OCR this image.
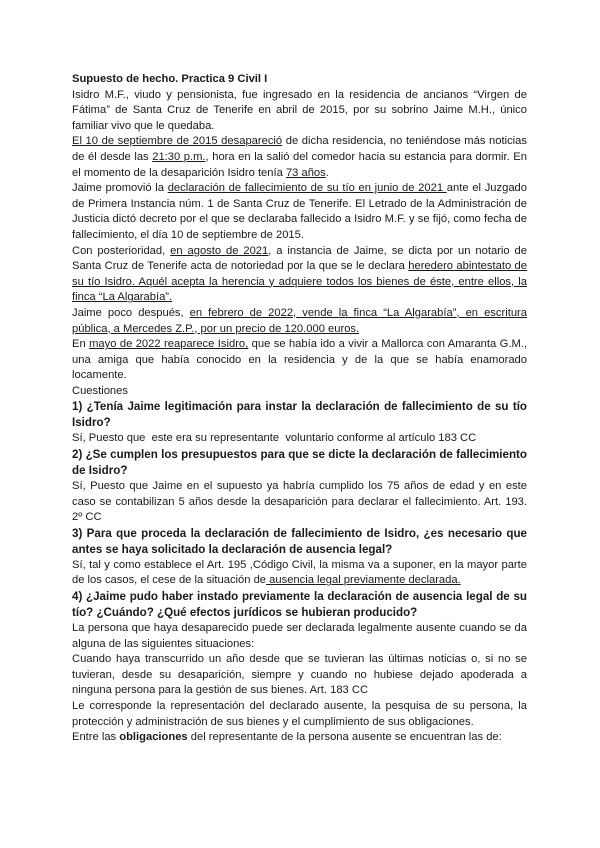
Supuesto de hecho. Practica 9 Civil I

Isidro M.F., viudo y pensionista, fue ingresado en la residencia de ancianos “Virgen de Fátima” de Santa Cruz de Tenerife en abril de 2015, por su sobrino Jaime M.H., único familiar vivo que le quedaba.

El 10 de septiembre de 2015 desapareció de dicha residencia, no teniéndose más noticias de él desde las 21:30 p.m., hora en la salió del comedor hacia su estancia para dormir. En el momento de la desaparición Isidro tenía 73 años.

Jaime promovió la declaración de fallecimiento de su tío en junio de 2021 ante el Juzgado de Primera Instancia núm. 1 de Santa Cruz de Tenerife. El Letrado de la Administración de Justicia dictó decreto por el que se declaraba fallecido a Isidro M.F. y se fijó, como fecha de fallecimiento, el día 10 de septiembre de 2015.

Con posterioridad, en agosto de 2021, a instancia de Jaime, se dicta por un notario de Santa Cruz de Tenerife acta de notoriedad por la que se le declara heredero abintestato de su tío Isidro. Aquél acepta la herencia y adquiere todos los bienes de éste, entre ellos, la finca “La Algarabía”.

Jaime poco después, en febrero de 2022, vende la finca “La Algarabía”, en escritura pública, a Mercedes Z.P., por un precio de 120.000 euros.

En mayo de 2022 reaparece Isidro, que se había ido a vivir a Mallorca con Amaranta G.M., una amiga que había conocido en la residencia y de la que se había enamorado locamente.

Cuestiones

1) ¿Tenía Jaime legitimación para instar la declaración de fallecimiento de su tío Isidro?

Sí, Puesto que  este era su representante  voluntario conforme al artículo 183 CC

2) ¿Se cumplen los presupuestos para que se dicte la declaración de fallecimiento de Isidro?

Sí, Puesto que Jaime en el supuesto ya habría cumplido los 75 años de edad y en este caso se contabilizan 5 años desde la desaparición para declarar el fallecimiento. Art. 193. 2º CC

3) Para que proceda la declaración de fallecimiento de Isidro, ¿es necesario que antes se haya solicitado la declaración de ausencia legal?

Sí, tal y como establece el Art. 195 ,Código Civil, la misma va a suponer, en la mayor parte de los casos, el cese de la situación de ausencia legal previamente declarada.

4) ¿Jaime pudo haber instado previamente la declaración de ausencia legal de su tío? ¿Cuándo? ¿Qué efectos jurídicos se hubieran producido?

La persona que haya desaparecido puede ser declarada legalmente ausente cuando se da alguna de las siguientes situaciones:

Cuando haya transcurrido un año desde que se tuvieran las últimas noticias o, si no se tuvieran, desde su desaparición, siempre y cuando no hubiese dejado apoderada a ninguna persona para la gestión de sus bienes. Art. 183 CC

Le corresponde la representación del declarado ausente, la pesquisa de su persona, la protección y administración de sus bienes y el cumplimiento de sus obligaciones.

Entre las obligaciones del representante de la persona ausente se encuentran las de:
